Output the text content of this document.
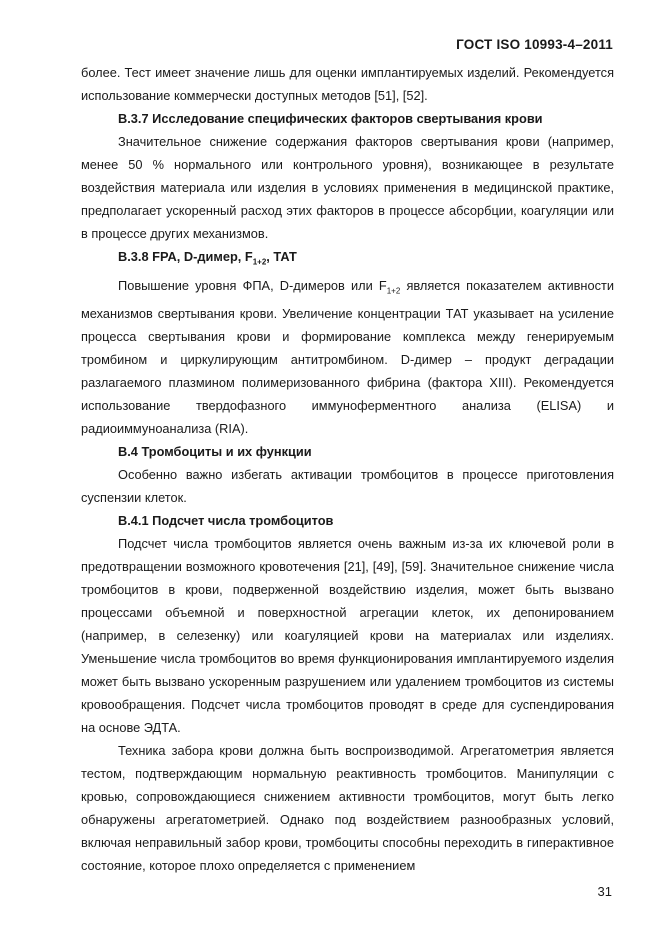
ГОСТ ISO 10993-4–2011

более. Тест имеет значение лишь для оценки имплантируемых изделий. Рекомендуется использование коммерчески доступных методов [51], [52].

В.3.7 Исследование специфических факторов свертывания крови

Значительное снижение содержания факторов свертывания крови (например, менее 50 % нормального или контрольного уровня), возникающее в результате воздействия материала или изделия в условиях применения в медицинской практике, предполагает ускоренный расход этих факторов в процессе абсорбции, коагуляции или в процессе других механизмов.

В.3.8 FPA, D-димер, $F_{1+2}$, ТАТ

Повышение уровня ФПА, D-димеров или $F_{1+2}$ является показателем активности механизмов свертывания крови. Увеличение концентрации ТАТ указывает на усиление процесса свертывания крови и формирование комплекса между генерируемым тромбином и циркулирующим антитромбином. D-димер – продукт деградации разлагаемого плазмином полимеризованного фибрина (фактора XIII). Рекомендуется использование твердофазного иммуноферментного анализа (ELISA) и радиоиммуноанализа (RIA).

В.4 Тромбоциты и их функции

Особенно важно избегать активации тромбоцитов в процессе приготовления суспензии клеток.

В.4.1 Подсчет числа тромбоцитов

Подсчет числа тромбоцитов является очень важным из-за их ключевой роли в предотвращении возможного кровотечения [21], [49], [59]. Значительное снижение числа тромбоцитов в крови, подверженной воздействию изделия, может быть вызвано процессами объемной и поверхностной агрегации клеток, их депонированием (например, в селезенку) или коагуляцией крови на материалах или изделиях. Уменьшение числа тромбоцитов во время функционирования имплантируемого изделия может быть вызвано ускоренным разрушением или удалением тромбоцитов из системы кровообращения. Подсчет числа тромбоцитов проводят в среде для суспендирования на основе ЭДТА.

Техника забора крови должна быть воспроизводимой. Агрегатометрия является тестом, подтверждающим нормальную реактивность тромбоцитов. Манипуляции с кровью, сопровождающиеся снижением активности тромбоцитов, могут быть легко обнаружены агрегатометрией. Однако под воздействием разнообразных условий, включая неправильный забор крови, тромбоциты способны переходить в гиперактивное состояние, которое плохо определяется с применением

31
